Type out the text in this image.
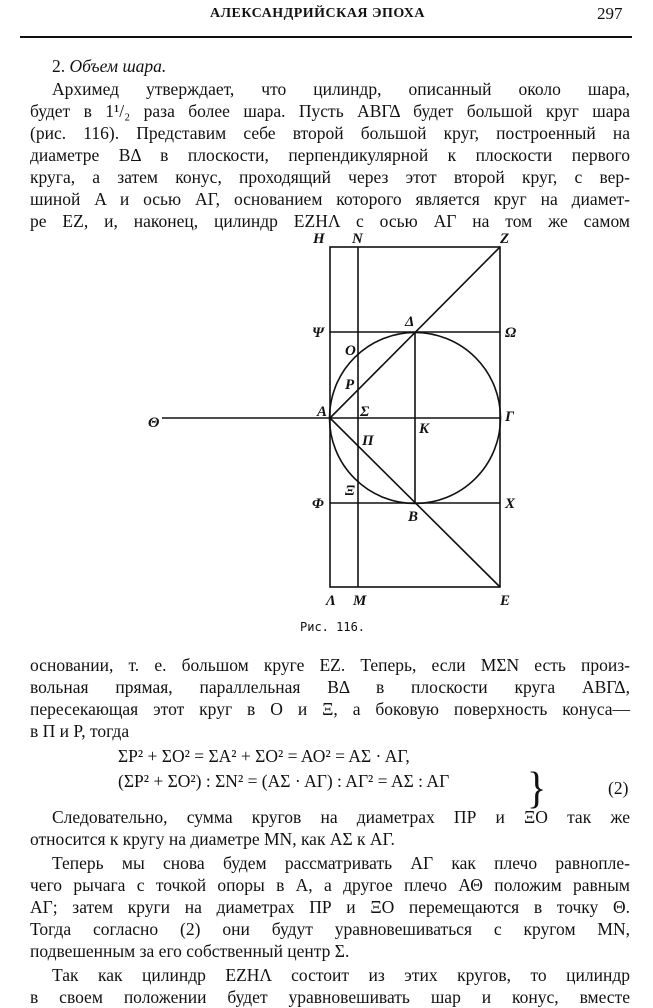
АЛЕКСАНДРИЙСКАЯ ЭПОХА	297
2. Объем шара.
Архимед утверждает, что цилиндр, описанный около шара,
будет в 1¹/₂ раза более шара. Пусть ΑΒΓΔ будет большой круг шара
(рис. 116). Представим себе второй большой круг, построенный на
диаметре ΒΔ в плоскости, перпендикулярной к плоскости первого
круга, а затем конус, проходящий через этот второй круг, с вер-
шиной Α и осью ΑΓ, основанием которого является круг на диамет-
ре ΕΖ, и, наконец, цилиндр ΕΖΗΛ с осью ΑΓ на том же самом
Η N	Ζ
Ψ
Δ
Ω
Ο
Ρ
Θ
Α Σ	Γ
Κ
Π
Ξ
Φ
Β
Χ
Λ Μ	Ε
Рис. 116.
основании, т. е. большом круге ΕΖ. Теперь, если ΜΣΝ есть произ-
вольная прямая, параллельная ΒΔ в плоскости круга ΑΒΓΔ,
пересекающая этот круг в Ο и Ξ, а боковую поверхность конуса—
в Π и Ρ, тогда
ΣΡ² + ΣΟ² = ΣΑ² + ΣΟ² = ΑΟ² = ΑΣ · ΑΓ,
(ΣΡ² + ΣΟ²) : ΣΝ² = (ΑΣ · ΑΓ) : ΑΓ² = ΑΣ : ΑΓ }	(2)
Следовательно, сумма кругов на диаметрах ΠΡ и ΞΟ так же
относится к кругу на диаметре ΜΝ, как ΑΣ к ΑΓ.
Теперь мы снова будем рассматривать ΑΓ как плечо равнопле-
чего рычага с точкой опоры в Α, а другое плечо ΑΘ положим равным
ΑΓ; затем круги на диаметрах ΠΡ и ΞΟ перемещаются в точку Θ.
Тогда согласно (2) они будут уравновешиваться с кругом ΜΝ,
подвешенным за его собственный центр Σ.
Так как цилиндр ΕΖΗΛ состоит из этих кругов, то цилиндр
в своем положении будет уравновешивать шар и конус, вместе
